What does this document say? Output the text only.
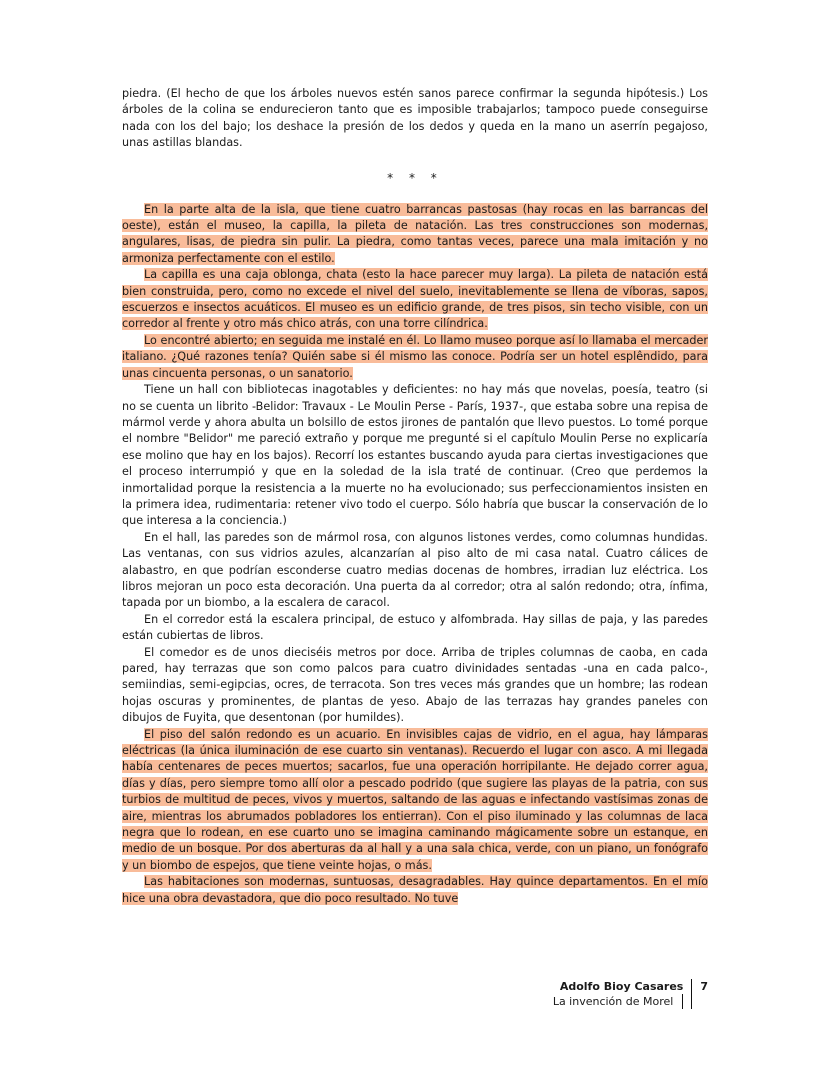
piedra. (El hecho de que los árboles nuevos estén sanos parece confirmar la segunda hipótesis.) Los árboles de la colina se endurecieron tanto que es imposible trabajarlos; tampoco puede conseguirse nada con los del bajo; los deshace la presión de los dedos y queda en la mano un aserrín pegajoso, unas astillas blandas.

* * *

En la parte alta de la isla, que tiene cuatro barrancas pastosas (hay rocas en las barrancas del oeste), están el museo, la capilla, la pileta de natación. Las tres construcciones son modernas, angulares, lisas, de piedra sin pulir. La piedra, como tantas veces, parece una mala imitación y no armoniza perfectamente con el estilo.

La capilla es una caja oblonga, chata (esto la hace parecer muy larga). La pileta de natación está bien construida, pero, como no excede el nivel del suelo, inevitablemente se llena de víboras, sapos, escuerzos e insectos acuáticos. El museo es un edificio grande, de tres pisos, sin techo visible, con un corredor al frente y otro más chico atrás, con una torre cilíndrica.

Lo encontré abierto; en seguida me instalé en él. Lo llamo museo porque así lo llamaba el mercader italiano. ¿Qué razones tenía? Quién sabe si él mismo las conoce. Podría ser un hotel esplêndido, para unas cincuenta personas, o un sanatorio.

Tiene un hall con bibliotecas inagotables y deficientes: no hay más que novelas, poesía, teatro (si no se cuenta un librito -Belidor: Travaux - Le Moulin Perse - París, 1937-, que estaba sobre una repisa de mármol verde y ahora abulta un bolsillo de estos jirones de pantalón que llevo puestos. Lo tomé porque el nombre "Belidor" me pareció extraño y porque me pregunté si el capítulo Moulin Perse no explicaría ese molino que hay en los bajos). Recorrí los estantes buscando ayuda para ciertas investigaciones que el proceso interrumpió y que en la soledad de la isla traté de continuar. (Creo que perdemos la inmortalidad porque la resistencia a la muerte no ha evolucionado; sus perfeccionamientos insisten en la primera idea, rudimentaria: retener vivo todo el cuerpo. Sólo habría que buscar la conservación de lo que interesa a la conciencia.)

En el hall, las paredes son de mármol rosa, con algunos listones verdes, como columnas hundidas. Las ventanas, con sus vidrios azules, alcanzarían al piso alto de mi casa natal. Cuatro cálices de alabastro, en que podrían esconderse cuatro medias docenas de hombres, irradian luz eléctrica. Los libros mejoran un poco esta decoración. Una puerta da al corredor; otra al salón redondo; otra, ínfima, tapada por un biombo, a la escalera de caracol.

En el corredor está la escalera principal, de estuco y alfombrada. Hay sillas de paja, y las paredes están cubiertas de libros.

El comedor es de unos dieciséis metros por doce. Arriba de triples columnas de caoba, en cada pared, hay terrazas que son como palcos para cuatro divinidades sentadas -una en cada palco-, semiindias, semi-egipcias, ocres, de terracota. Son tres veces más grandes que un hombre; las rodean hojas oscuras y prominentes, de plantas de yeso. Abajo de las terrazas hay grandes paneles con dibujos de Fuyita, que desentonan (por humildes).

El piso del salón redondo es un acuario. En invisibles cajas de vidrio, en el agua, hay lámparas eléctricas (la única iluminación de ese cuarto sin ventanas). Recuerdo el lugar con asco. A mi llegada había centenares de peces muertos; sacarlos, fue una operación horripilante. He dejado correr agua, días y días, pero siempre tomo allí olor a pescado podrido (que sugiere las playas de la patria, con sus turbios de multitud de peces, vivos y muertos, saltando de las aguas e infectando vastísimas zonas de aire, mientras los abrumados pobladores los entierran). Con el piso iluminado y las columnas de laca negra que lo rodean, en ese cuarto uno se imagina caminando mágicamente sobre un estanque, en medio de un bosque. Por dos aberturas da al hall y a una sala chica, verde, con un piano, un fonógrafo y un biombo de espejos, que tiene veinte hojas, o más.

Las habitaciones son modernas, suntuosas, desagradables. Hay quince departamentos. En el mío hice una obra devastadora, que dio poco resultado. No tuve

Adolfo Bioy Casares
La invención de Morel
7
